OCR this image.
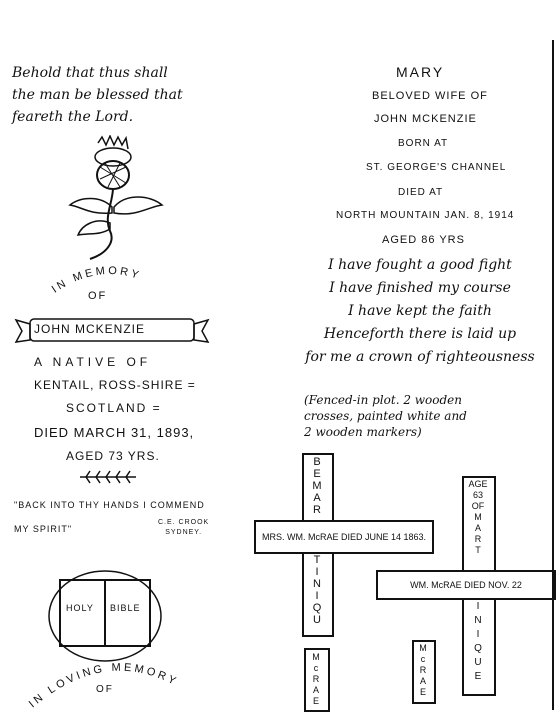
Behold that thus shall
the man be blessed that
feareth the Lord.
IN MEMORY
OF
JOHN MCKENZIE
A NATIVE OF
KENTAIL, ROSS-SHIRE =
SCOTLAND =
DIED MARCH 31, 1893,
AGED 73 YRS.
"BACK INTO THY HANDS I COMMEND
MY SPIRIT"
C.E. CROOK
SYDNEY.
HOLY BIBLE
IN LOVING MEMORY
OF
MARY
BELOVED WIFE OF
JOHN MCKENZIE
BORN AT
ST. GEORGE'S CHANNEL
DIED AT
NORTH MOUNTAIN JAN. 8, 1914
AGED 86 YRS
I have fought a good fight
I have finished my course
I have kept the faith
Henceforth there is laid up
for me a crown of righteousness
(Fenced-in plot. 2 wooden
crosses, painted white and
2 wooden markers)
MRS. WM. McRAE DIED JUNE 14 1863.
B
E
M
A
R
T
I
N
I
Q
U
M
c
R
A
E
WM. McRAE DIED NOV. 22
AGE
63
OF
M
A
R
T
I
N
I
Q
U
E
M
c
R
A
E
